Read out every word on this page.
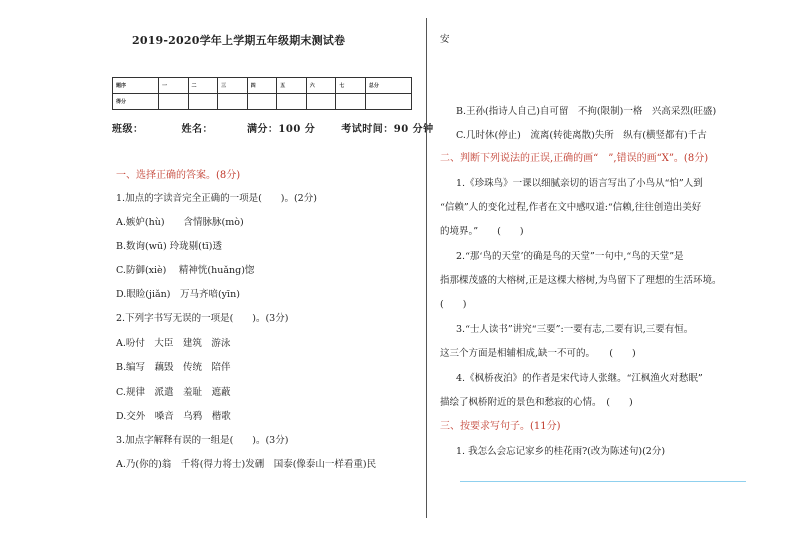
2019-2020学年上学期五年级期末测试卷
题序	一	二	三	四	五	六	七	总分
得分								
班级：	姓名：	满分：100 分	考试时间：90 分钟
一、选择正确的答案。(8分)
1.加点的字读音完全正确的一项是(　　)。(2分)
A.嫉妒(hù)　　含情脉脉(mò)
B.数询(wū) 玲珑剔(tī)透
C.防御(xiè)　 精神恍(huǎng)惚
D.眼睑(jiǎn)　万马齐喑(yīn)
2.下列字书写无误的一项是(　　)。(3分)
A.吩付　大臣　建筑　游泳
B.编写　藕毁　传统　陪伴
C.规律　派遣　羞耻　遮蔽
D.交外　嗓音　乌鸦　楷歌
3.加点字解释有误的一组是(　　)。(3分)
A.乃(你的)翁　千将(得力将士)发硎　国泰(像泰山一样看重)民
安
B.王孙(指诗人自己)自可留　不拘(限制)一格　兴高采烈(旺盛)
C.几时休(停止)　流离(转徙离散)失所　纵有(横竖都有)千古
二、判断下列说法的正误,正确的画“　”,错误的画“X”。(8分)
1.《珍珠鸟》一课以细腻亲切的语言写出了小鸟从“怕”人到
“信赖”人的变化过程,作者在文中感叹道:“信赖,往往创造出美好
的境界。”　　(　　)
2.“那‘鸟的天堂’的确是鸟的天堂”一句中,“鸟的天堂”是
指那棵茂盛的大榕树,正是这棵大榕树,为鸟留下了理想的生活环境。
(　　)
3.“士人读书”讲究“三要”:一要有志,二要有识,三要有恒。
这三个方面是相辅相成,缺一不可的。　　(　　)
4.《枫桥夜泊》的作者是宋代诗人张继。“江枫渔火对愁眠”
描绘了枫桥附近的景色和愁寂的心情。　(　　)
三、按要求写句子。(11分)
1. 我怎么会忘记家乡的桂花雨?(改为陈述句)(2分)
